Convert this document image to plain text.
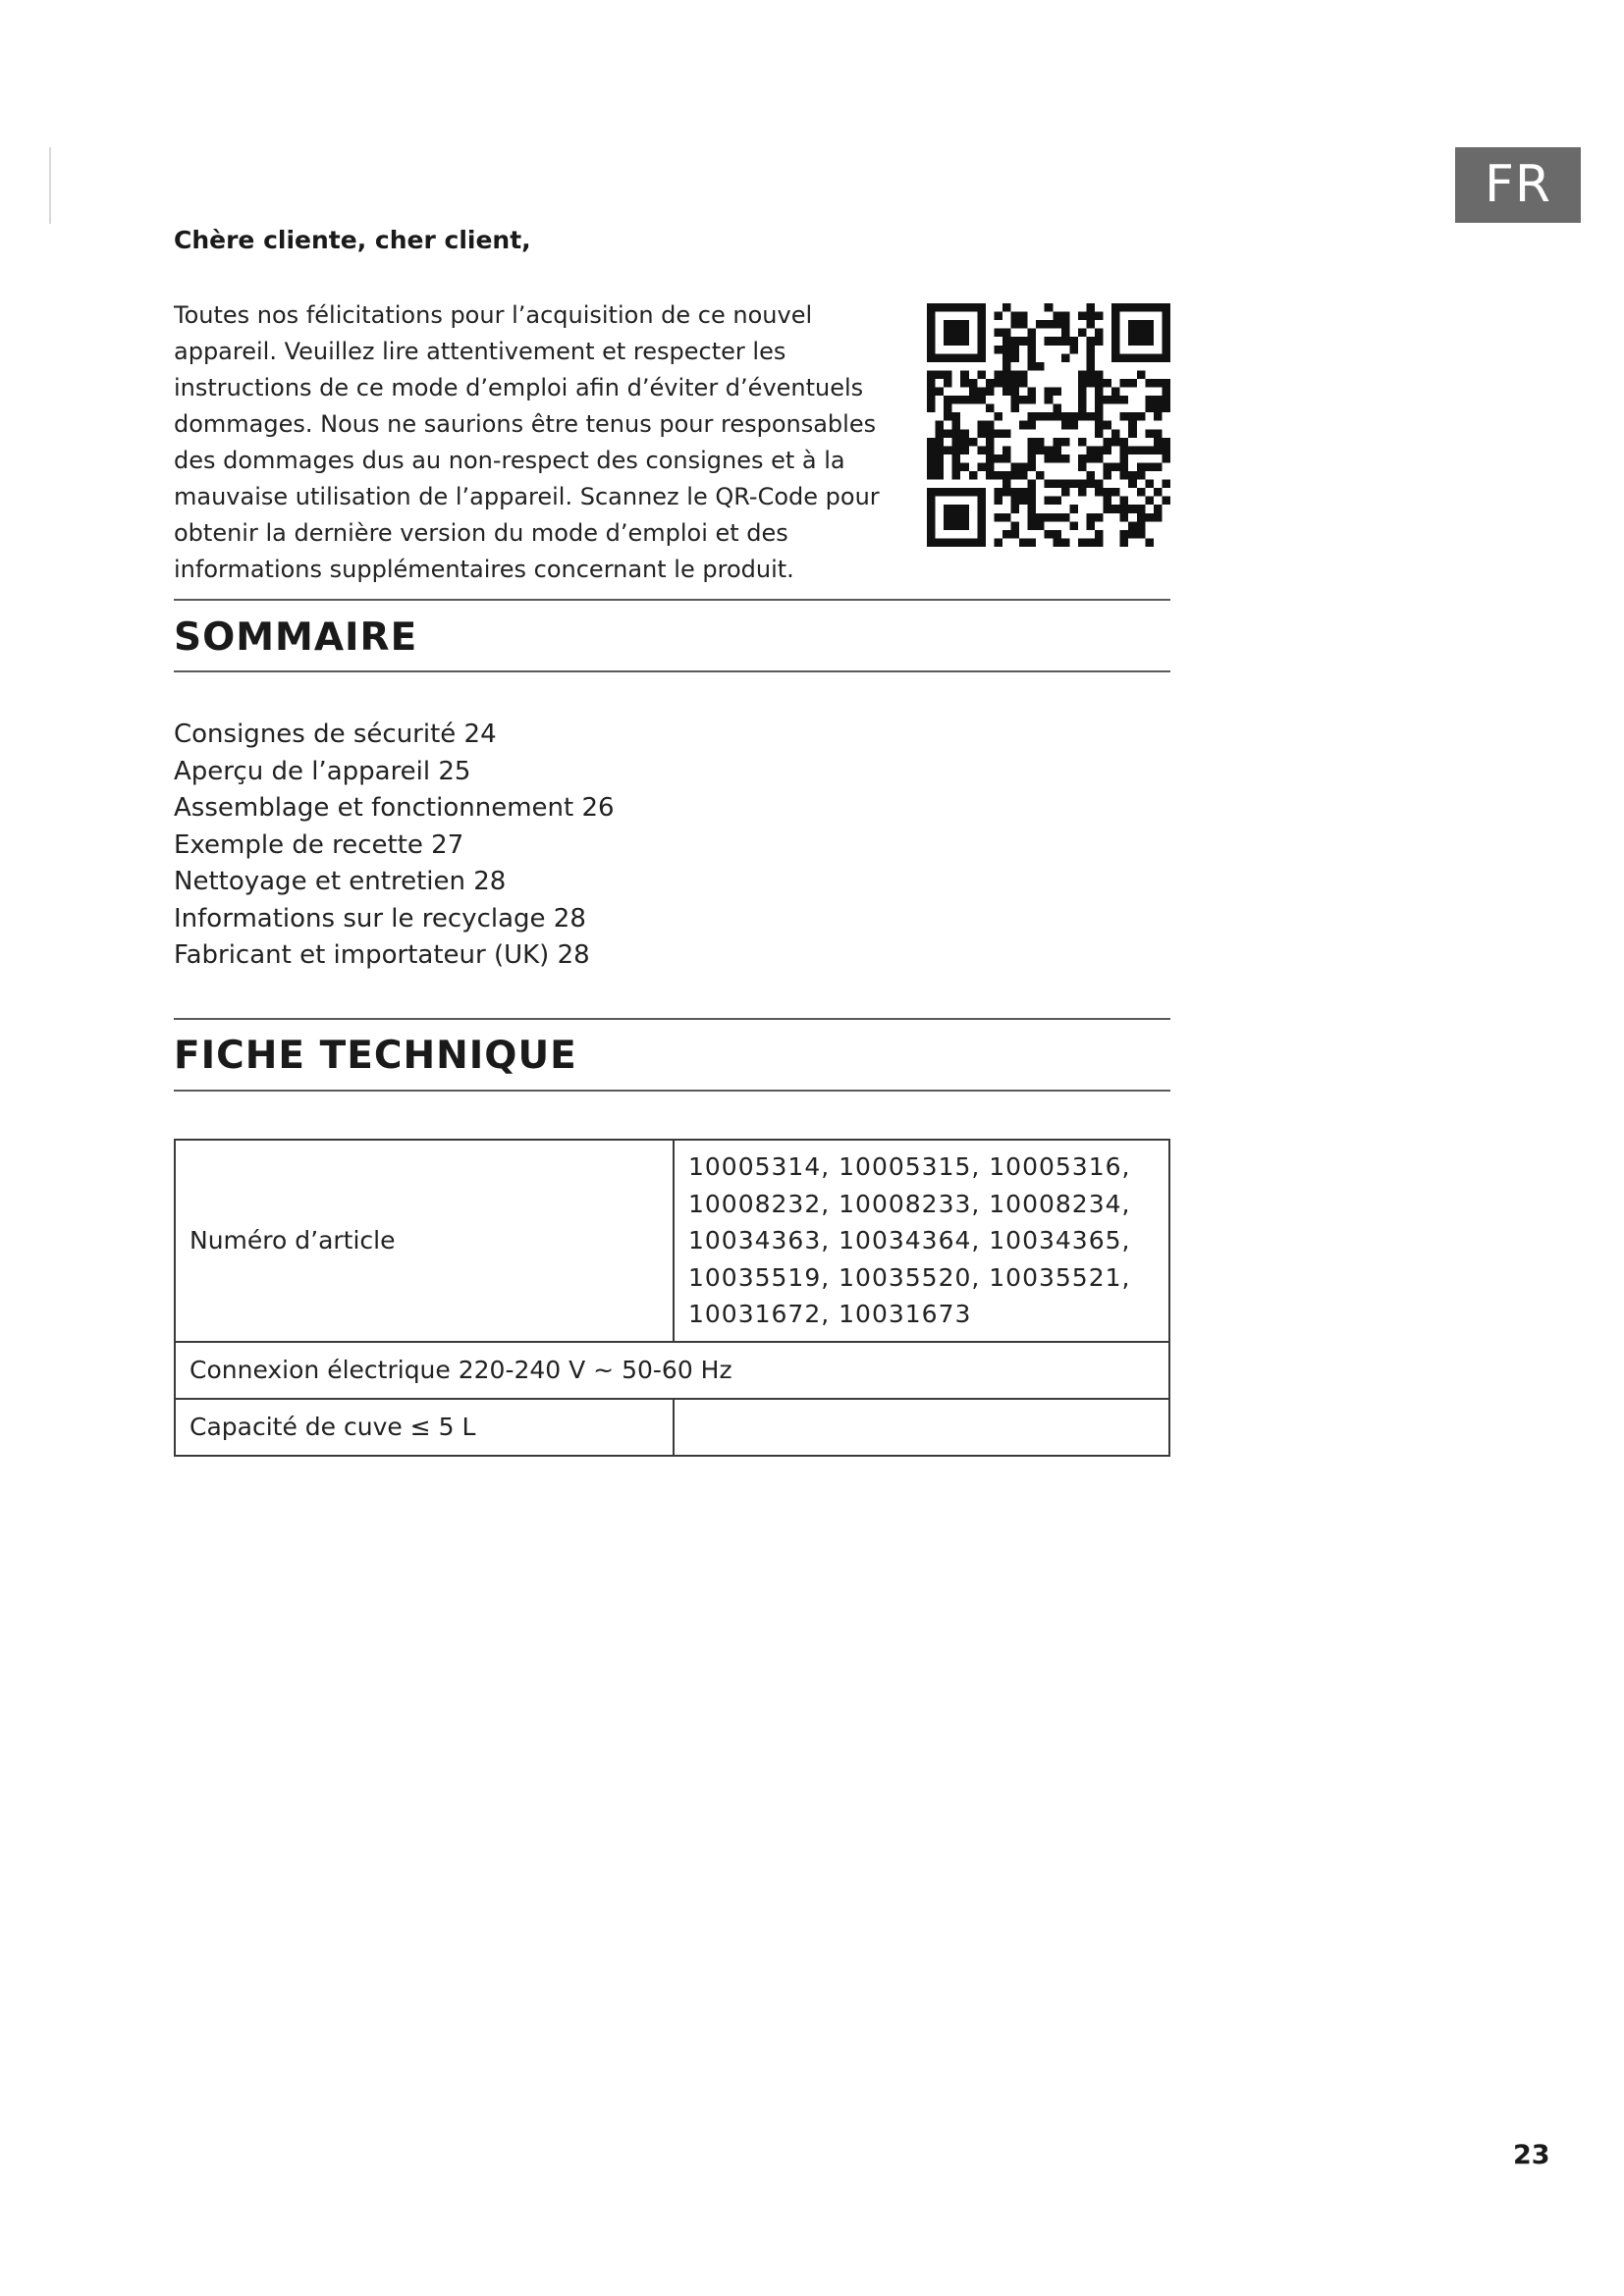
FR
Chère cliente, cher client,
Toutes nos félicitations pour l’acquisition de ce nouvel appareil. Veuillez lire attentivement et respecter les instructions de ce mode d’emploi afin d’éviter d’éventuels dommages. Nous ne saurions être tenus pour responsables des dommages dus au non-respect des consignes et à la mauvaise utilisation de l’appareil. Scannez le QR-Code pour obtenir la dernière version du mode d’emploi et des informations supplémentaires concernant le produit.
SOMMAIRE
Consignes de sécurité 24
Aperçu de l’appareil 25
Assemblage et fonctionnement 26
Exemple de recette 27
Nettoyage et entretien 28
Informations sur le recyclage 28
Fabricant et importateur (UK) 28
FICHE TECHNIQUE
Numéro d’article	10005314, 10005315, 10005316,
10008232, 10008233, 10008234,
10034363, 10034364, 10034365,
10035519, 10035520, 10035521,
10031672, 10031673

Connexion électrique 220-240 V ~ 50-60 Hz	
Capacité de cuve ≤ 5 L	
23
